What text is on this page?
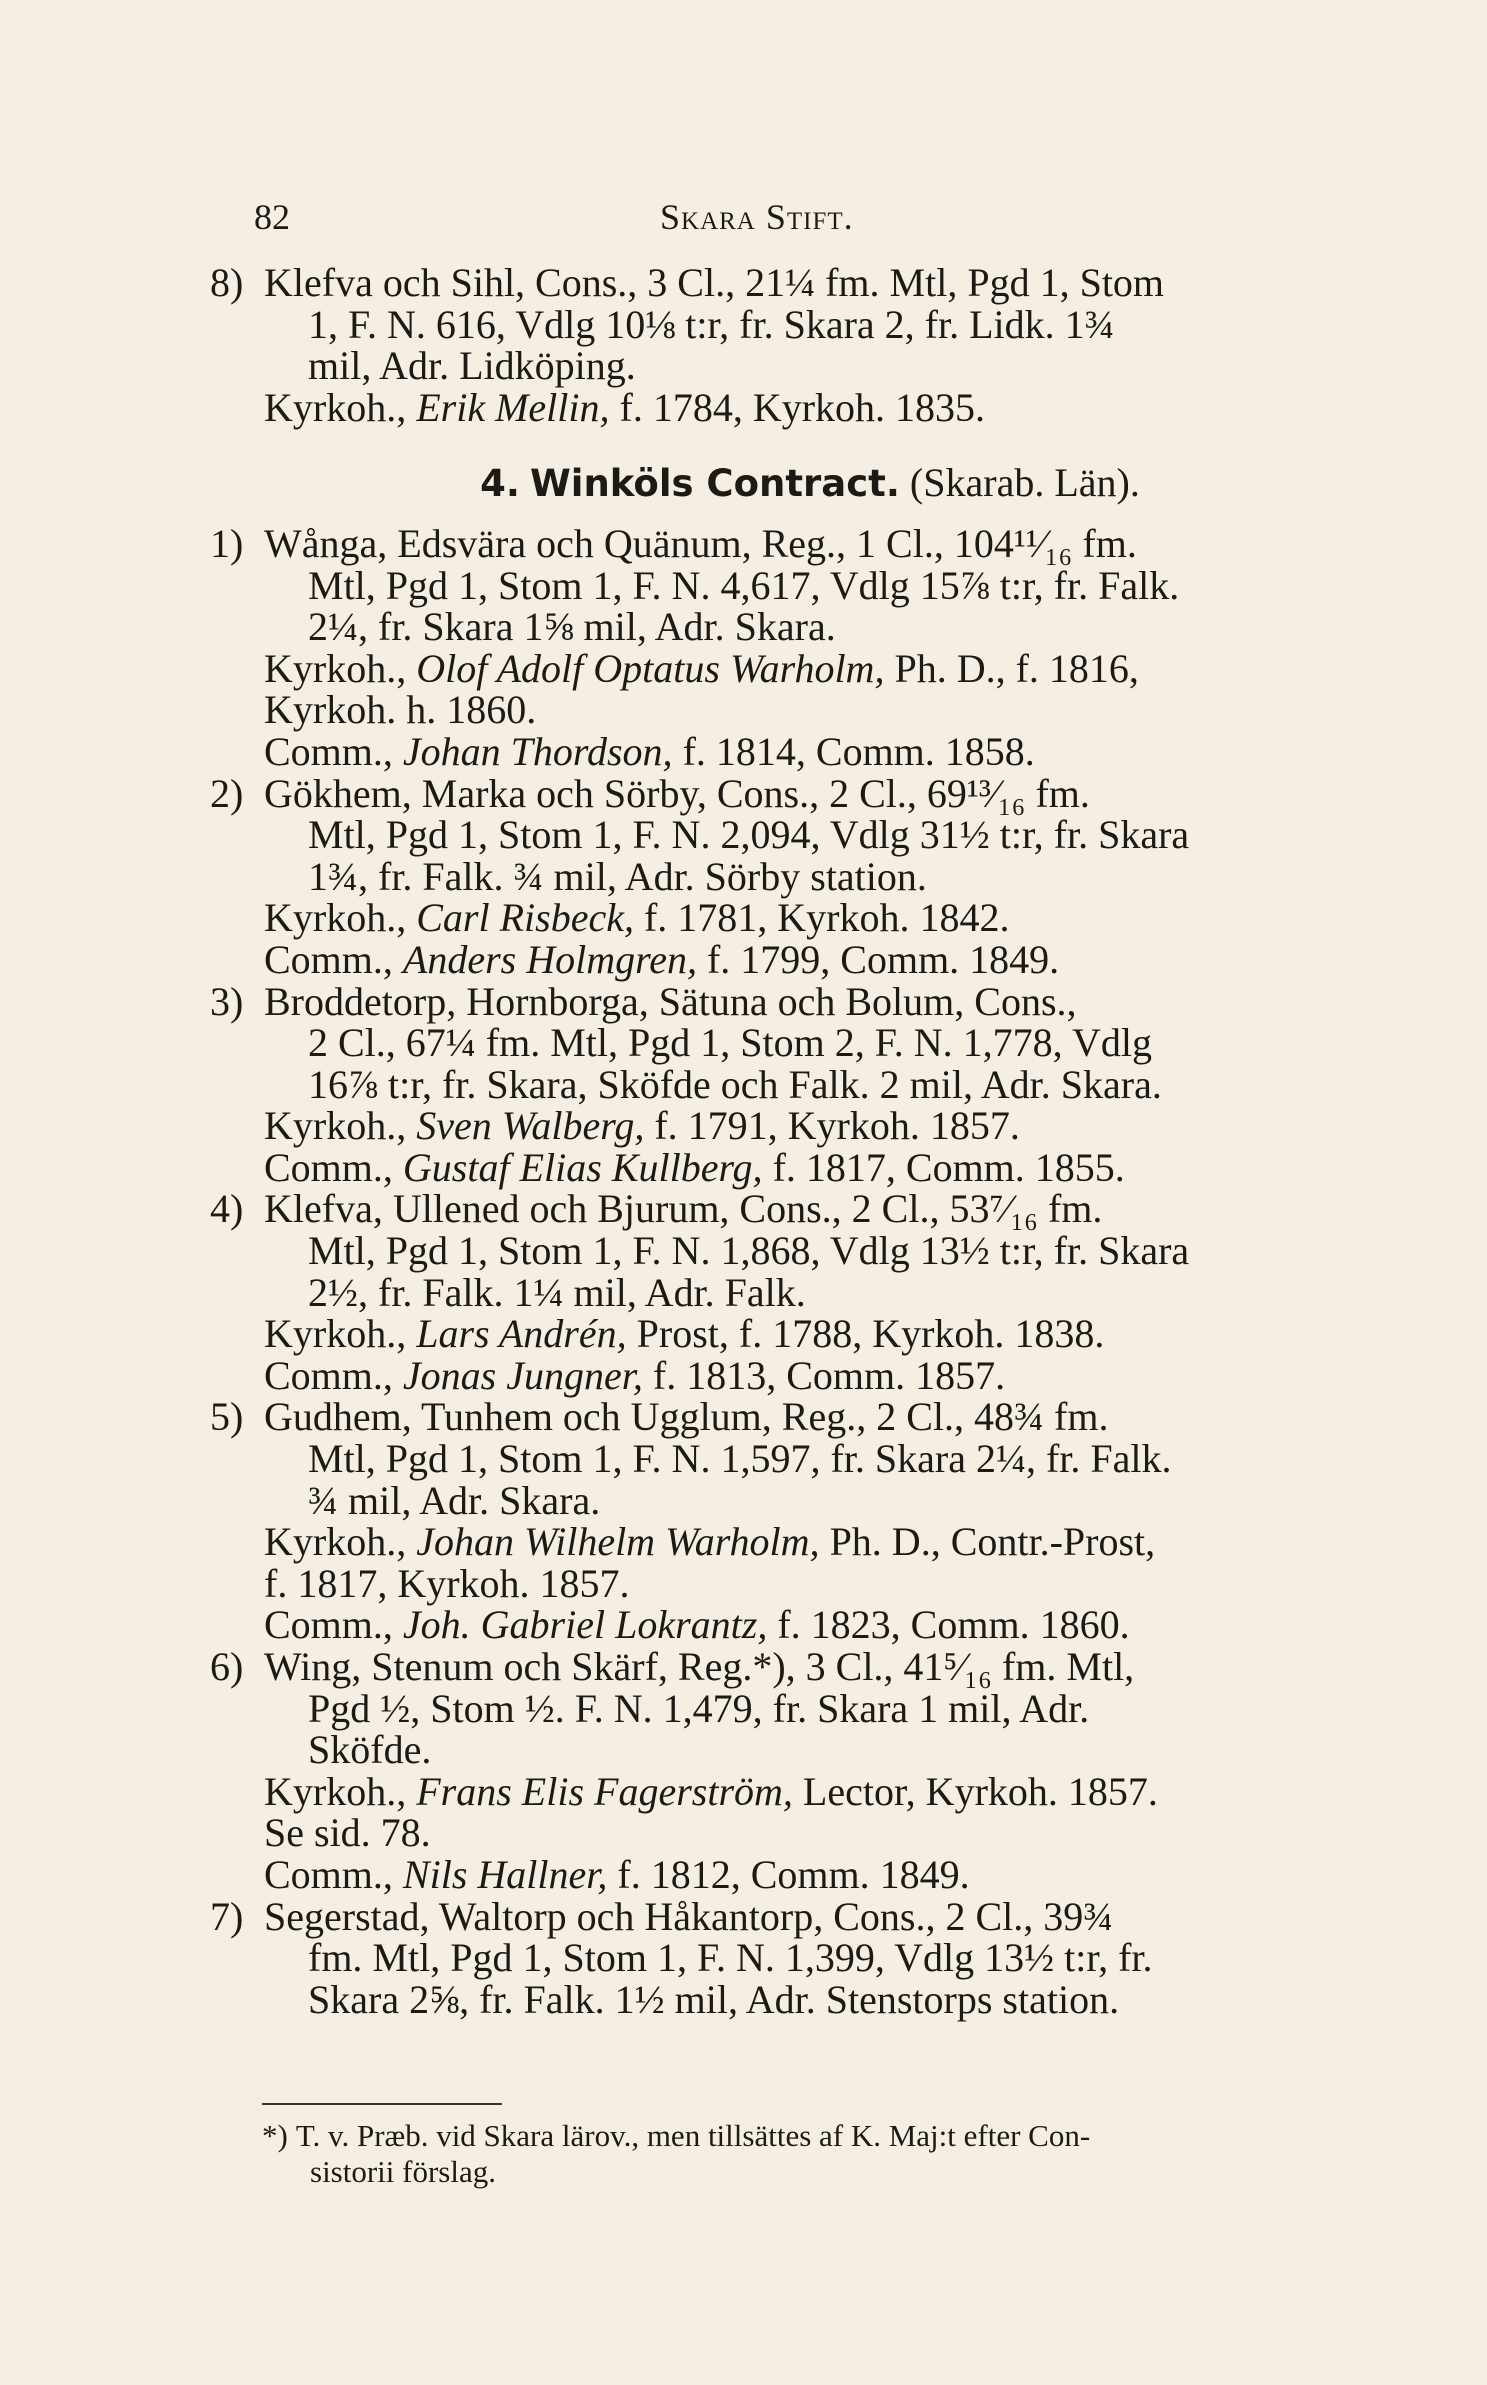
82	Skara Stift.
8) Klefva och Sihl, Cons., 3 Cl., 21¼ fm. Mtl, Pgd 1, Stom
1, F. N. 616, Vdlg 10⅛ t:r, fr. Skara 2, fr. Lidk. 1¾
mil, Adr. Lidköping.
Kyrkoh., Erik Mellin, f. 1784, Kyrkoh. 1835.
4. Winköls Contract. (Skarab. Län).
1) Wånga, Edsvära och Quänum, Reg., 1 Cl., 104¹¹⁄₁₆ fm.
Mtl, Pgd 1, Stom 1, F. N. 4,617, Vdlg 15⅞ t:r, fr. Falk.
2¼, fr. Skara 1⅝ mil, Adr. Skara.
Kyrkoh., Olof Adolf Optatus Warholm, Ph. D., f. 1816,
Kyrkoh. h. 1860.
Comm., Johan Thordson, f. 1814, Comm. 1858.
2) Gökhem, Marka och Sörby, Cons., 2 Cl., 69¹³⁄₁₆ fm.
Mtl, Pgd 1, Stom 1, F. N. 2,094, Vdlg 31½ t:r, fr. Skara
1¾, fr. Falk. ¾ mil, Adr. Sörby station.
Kyrkoh., Carl Risbeck, f. 1781, Kyrkoh. 1842.
Comm., Anders Holmgren, f. 1799, Comm. 1849.
3) Broddetorp, Hornborga, Sätuna och Bolum, Cons.,
2 Cl., 67¼ fm. Mtl, Pgd 1, Stom 2, F. N. 1,778, Vdlg
16⅞ t:r, fr. Skara, Sköfde och Falk. 2 mil, Adr. Skara.
Kyrkoh., Sven Walberg, f. 1791, Kyrkoh. 1857.
Comm., Gustaf Elias Kullberg, f. 1817, Comm. 1855.
4) Klefva, Ullened och Bjurum, Cons., 2 Cl., 53⁷⁄₁₆ fm.
Mtl, Pgd 1, Stom 1, F. N. 1,868, Vdlg 13½ t:r, fr. Skara
2½, fr. Falk. 1¼ mil, Adr. Falk.
Kyrkoh., Lars Andrén, Prost, f. 1788, Kyrkoh. 1838.
Comm., Jonas Jungner, f. 1813, Comm. 1857.
5) Gudhem, Tunhem och Ugglum, Reg., 2 Cl., 48¾ fm.
Mtl, Pgd 1, Stom 1, F. N. 1,597, fr. Skara 2¼, fr. Falk.
¾ mil, Adr. Skara.
Kyrkoh., Johan Wilhelm Warholm, Ph. D., Contr.-Prost,
f. 1817, Kyrkoh. 1857.
Comm., Joh. Gabriel Lokrantz, f. 1823, Comm. 1860.
6) Wing, Stenum och Skärf, Reg.*), 3 Cl., 41⁵⁄₁₆ fm. Mtl,
Pgd ½, Stom ½. F. N. 1,479, fr. Skara 1 mil, Adr.
Sköfde.
Kyrkoh., Frans Elis Fagerström, Lector, Kyrkoh. 1857.
Se sid. 78.
Comm., Nils Hallner, f. 1812, Comm. 1849.
7) Segerstad, Waltorp och Håkantorp, Cons., 2 Cl., 39¾
fm. Mtl, Pgd 1, Stom 1, F. N. 1,399, Vdlg 13½ t:r, fr.
Skara 2⅝, fr. Falk. 1½ mil, Adr. Stenstorps station.
*) T. v. Præb. vid Skara lärov., men tillsättes af K. Maj:t efter Con-
sistorii förslag.
